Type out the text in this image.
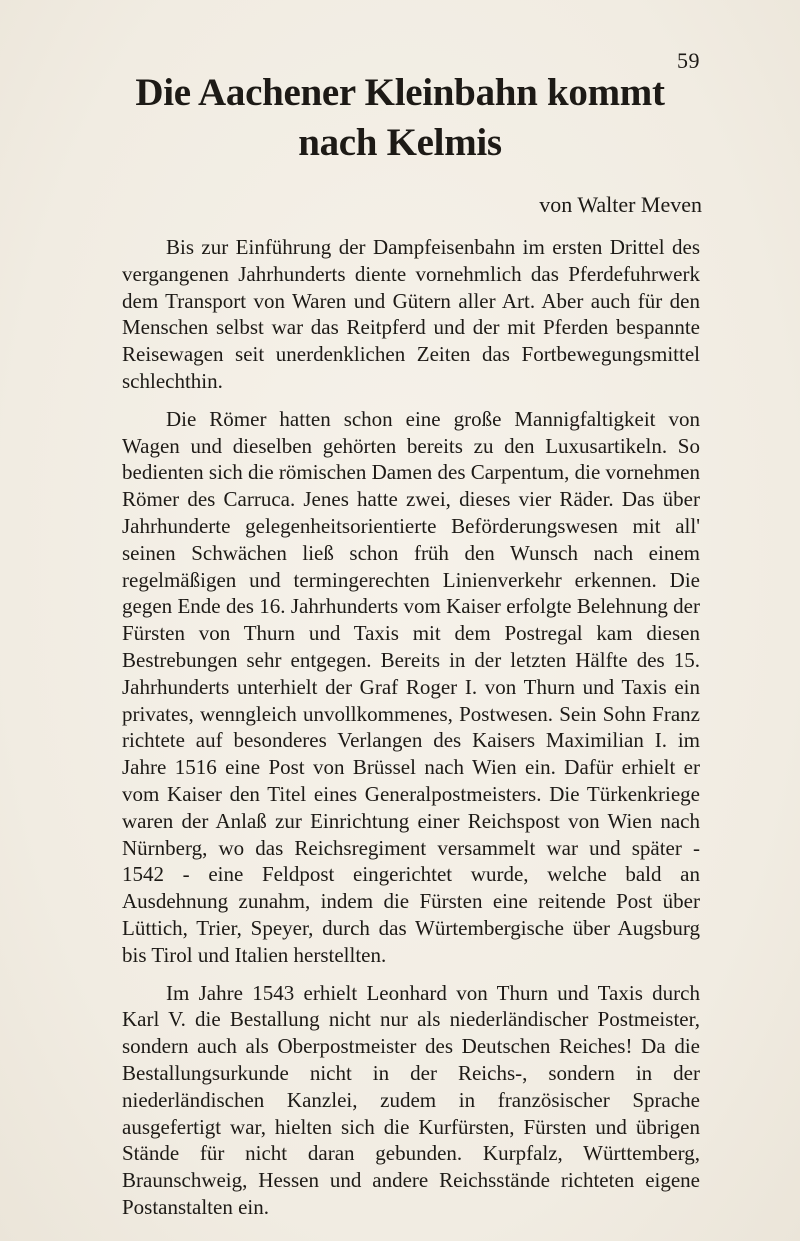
59
Die Aachener Kleinbahn kommt
nach Kelmis
von Walter Meven

Bis zur Einführung der Dampfeisenbahn im ersten Drittel des vergangenen Jahrhunderts diente vornehmlich das Pferdefuhrwerk dem Transport von Waren und Gütern aller Art. Aber auch für den Menschen selbst war das Reitpferd und der mit Pferden bespannte Reisewagen seit unerdenklichen Zeiten das Fortbewegungsmittel schlechthin.

Die Römer hatten schon eine große Mannigfaltigkeit von Wagen und dieselben gehörten bereits zu den Luxusartikeln. So bedienten sich die römischen Damen des Carpentum, die vornehmen Römer des Carruca. Jenes hatte zwei, dieses vier Räder. Das über Jahrhunderte gelegenheitsorientierte Beförderungswesen mit all' seinen Schwächen ließ schon früh den Wunsch nach einem regelmäßigen und termingerechten Linienverkehr erkennen. Die gegen Ende des 16. Jahrhunderts vom Kaiser erfolgte Belehnung der Fürsten von Thurn und Taxis mit dem Postregal kam diesen Bestrebungen sehr entgegen. Bereits in der letzten Hälfte des 15. Jahrhunderts unterhielt der Graf Roger I. von Thurn und Taxis ein privates, wenngleich unvollkommenes, Postwesen. Sein Sohn Franz richtete auf besonderes Verlangen des Kaisers Maximilian I. im Jahre 1516 eine Post von Brüssel nach Wien ein. Dafür erhielt er vom Kaiser den Titel eines Generalpostmeisters. Die Türkenkriege waren der Anlaß zur Einrichtung einer Reichspost von Wien nach Nürnberg, wo das Reichsregiment versammelt war und später - 1542 - eine Feldpost eingerichtet wurde, welche bald an Ausdehnung zunahm, indem die Fürsten eine reitende Post über Lüttich, Trier, Speyer, durch das Würtembergische über Augsburg bis Tirol und Italien herstellten.

Im Jahre 1543 erhielt Leonhard von Thurn und Taxis durch Karl V. die Bestallung nicht nur als niederländischer Postmeister, sondern auch als Oberpostmeister des Deutschen Reiches! Da die Bestallungsurkunde nicht in der Reichs-, sondern in der niederländischen Kanzlei, zudem in französischer Sprache ausgefertigt war, hielten sich die Kurfürsten, Fürsten und übrigen Stände für nicht daran gebunden. Kurpfalz, Württemberg, Braunschweig, Hessen und andere Reichsstände richteten eigene Postanstalten ein.
